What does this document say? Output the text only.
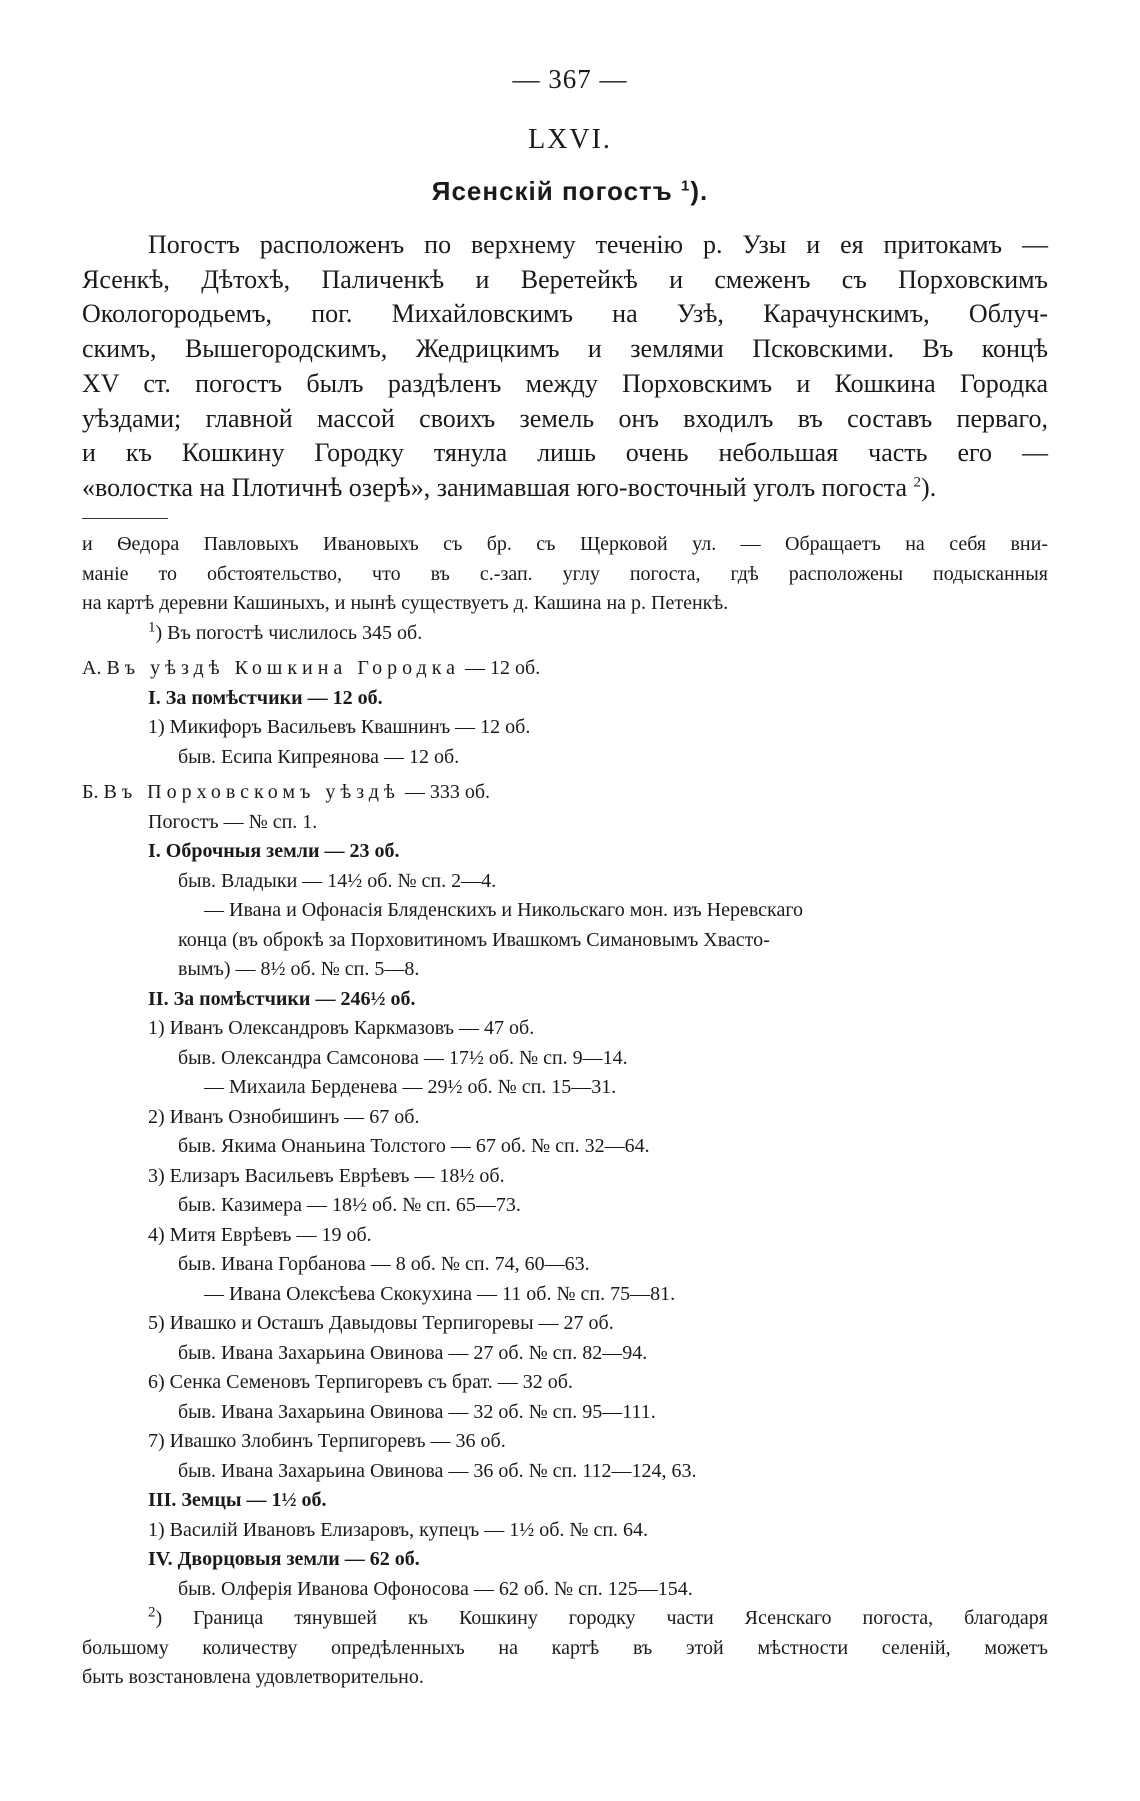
— 367 —
LXVI.
Ясенскій погостъ $^1$).
Погостъ расположенъ по верхнему теченію р. Узы и ея притокамъ —
Ясенкѣ, Дѣтохѣ, Паличенкѣ и Веретейкѣ и смеженъ съ Порховскимъ
Окологородьемъ, пог. Михайловскимъ на Узѣ, Карачунскимъ, Облуч-
скимъ, Вышегородскимъ, Жедрицкимъ и землями Псковскими. Въ концѣ
XV ст. погостъ былъ раздѣленъ между Порховскимъ и Кошкина Городка
уѣздами; главной массой своихъ земель онъ входилъ въ составъ перваго,
и къ Кошкину Городку тянула лишь очень небольшая часть его —
«волостка на Плотичнѣ озерѣ», занимавшая юго-восточный уголъ погоста $^2$).
и Ѳедора Павловыхъ Ивановыхъ съ бр. съ Щерковой ул. — Обращаетъ на себя вни-
маніе то обстоятельство, что въ с.-зап. углу погоста, гдѣ расположены подысканныя
на картѣ деревни Кашиныхъ, и нынѣ существуетъ д. Кашина на р. Петенкѣ.
$^1$) Въ погостѣ числилось 345 об.
А. Въ уѣздѣ Кошкина Городка — 12 об.
I. За помѣстчики — 12 об.
1) Микифоръ Васильевъ Квашнинъ — 12 об.
быв. Есипа Кипреянова — 12 об.
Б. Въ Порховскомъ уѣздѣ — 333 об.
Погостъ — № сп. 1.
I. Оброчныя земли — 23 об.
быв. Владыки — 14½ об. № сп. 2—4.
— Ивана и Офонасія Бляденскихъ и Никольскаго мон. изъ Неревскаго
конца (въ оброкѣ за Порховитиномъ Ивашкомъ Симановымъ Хвасто-
вымъ) — 8½ об. № сп. 5—8.
II. За помѣстчики — 246½ об.
1) Иванъ Олександровъ Каркмазовъ — 47 об.
быв. Олександра Самсонова — 17½ об. № сп. 9—14.
— Михаила Берденева — 29½ об. № сп. 15—31.
2) Иванъ Ознобишинъ — 67 об.
быв. Якима Онаньина Толстого — 67 об. № сп. 32—64.
3) Елизаръ Васильевъ Еврѣевъ — 18½ об.
быв. Казимера — 18½ об. № сп. 65—73.
4) Митя Еврѣевъ — 19 об.
быв. Ивана Горбанова — 8 об. № сп. 74, 60—63.
— Ивана Олексѣева Скокухина — 11 об. № сп. 75—81.
5) Ивашко и Осташъ Давыдовы Терпигоревы — 27 об.
быв. Ивана Захарьина Овинова — 27 об. № сп. 82—94.
6) Сенка Семеновъ Терпигоревъ съ брат. — 32 об.
быв. Ивана Захарьина Овинова — 32 об. № сп. 95—111.
7) Ивашко Злобинъ Терпигоревъ — 36 об.
быв. Ивана Захарьина Овинова — 36 об. № сп. 112—124, 63.
III. Земцы — 1½ об.
1) Василій Ивановъ Елизаровъ, купецъ — 1½ об. № сп. 64.
IV. Дворцовыя земли — 62 об.
быв. Олферія Иванова Офоносова — 62 об. № сп. 125—154.
$^2$) Граница тянувшей къ Кошкину городку части Ясенскаго погоста, благодаря
большому количеству опредѣленныхъ на картѣ въ этой мѣстности селеній, можетъ
быть возстановлена удовлетворительно.
